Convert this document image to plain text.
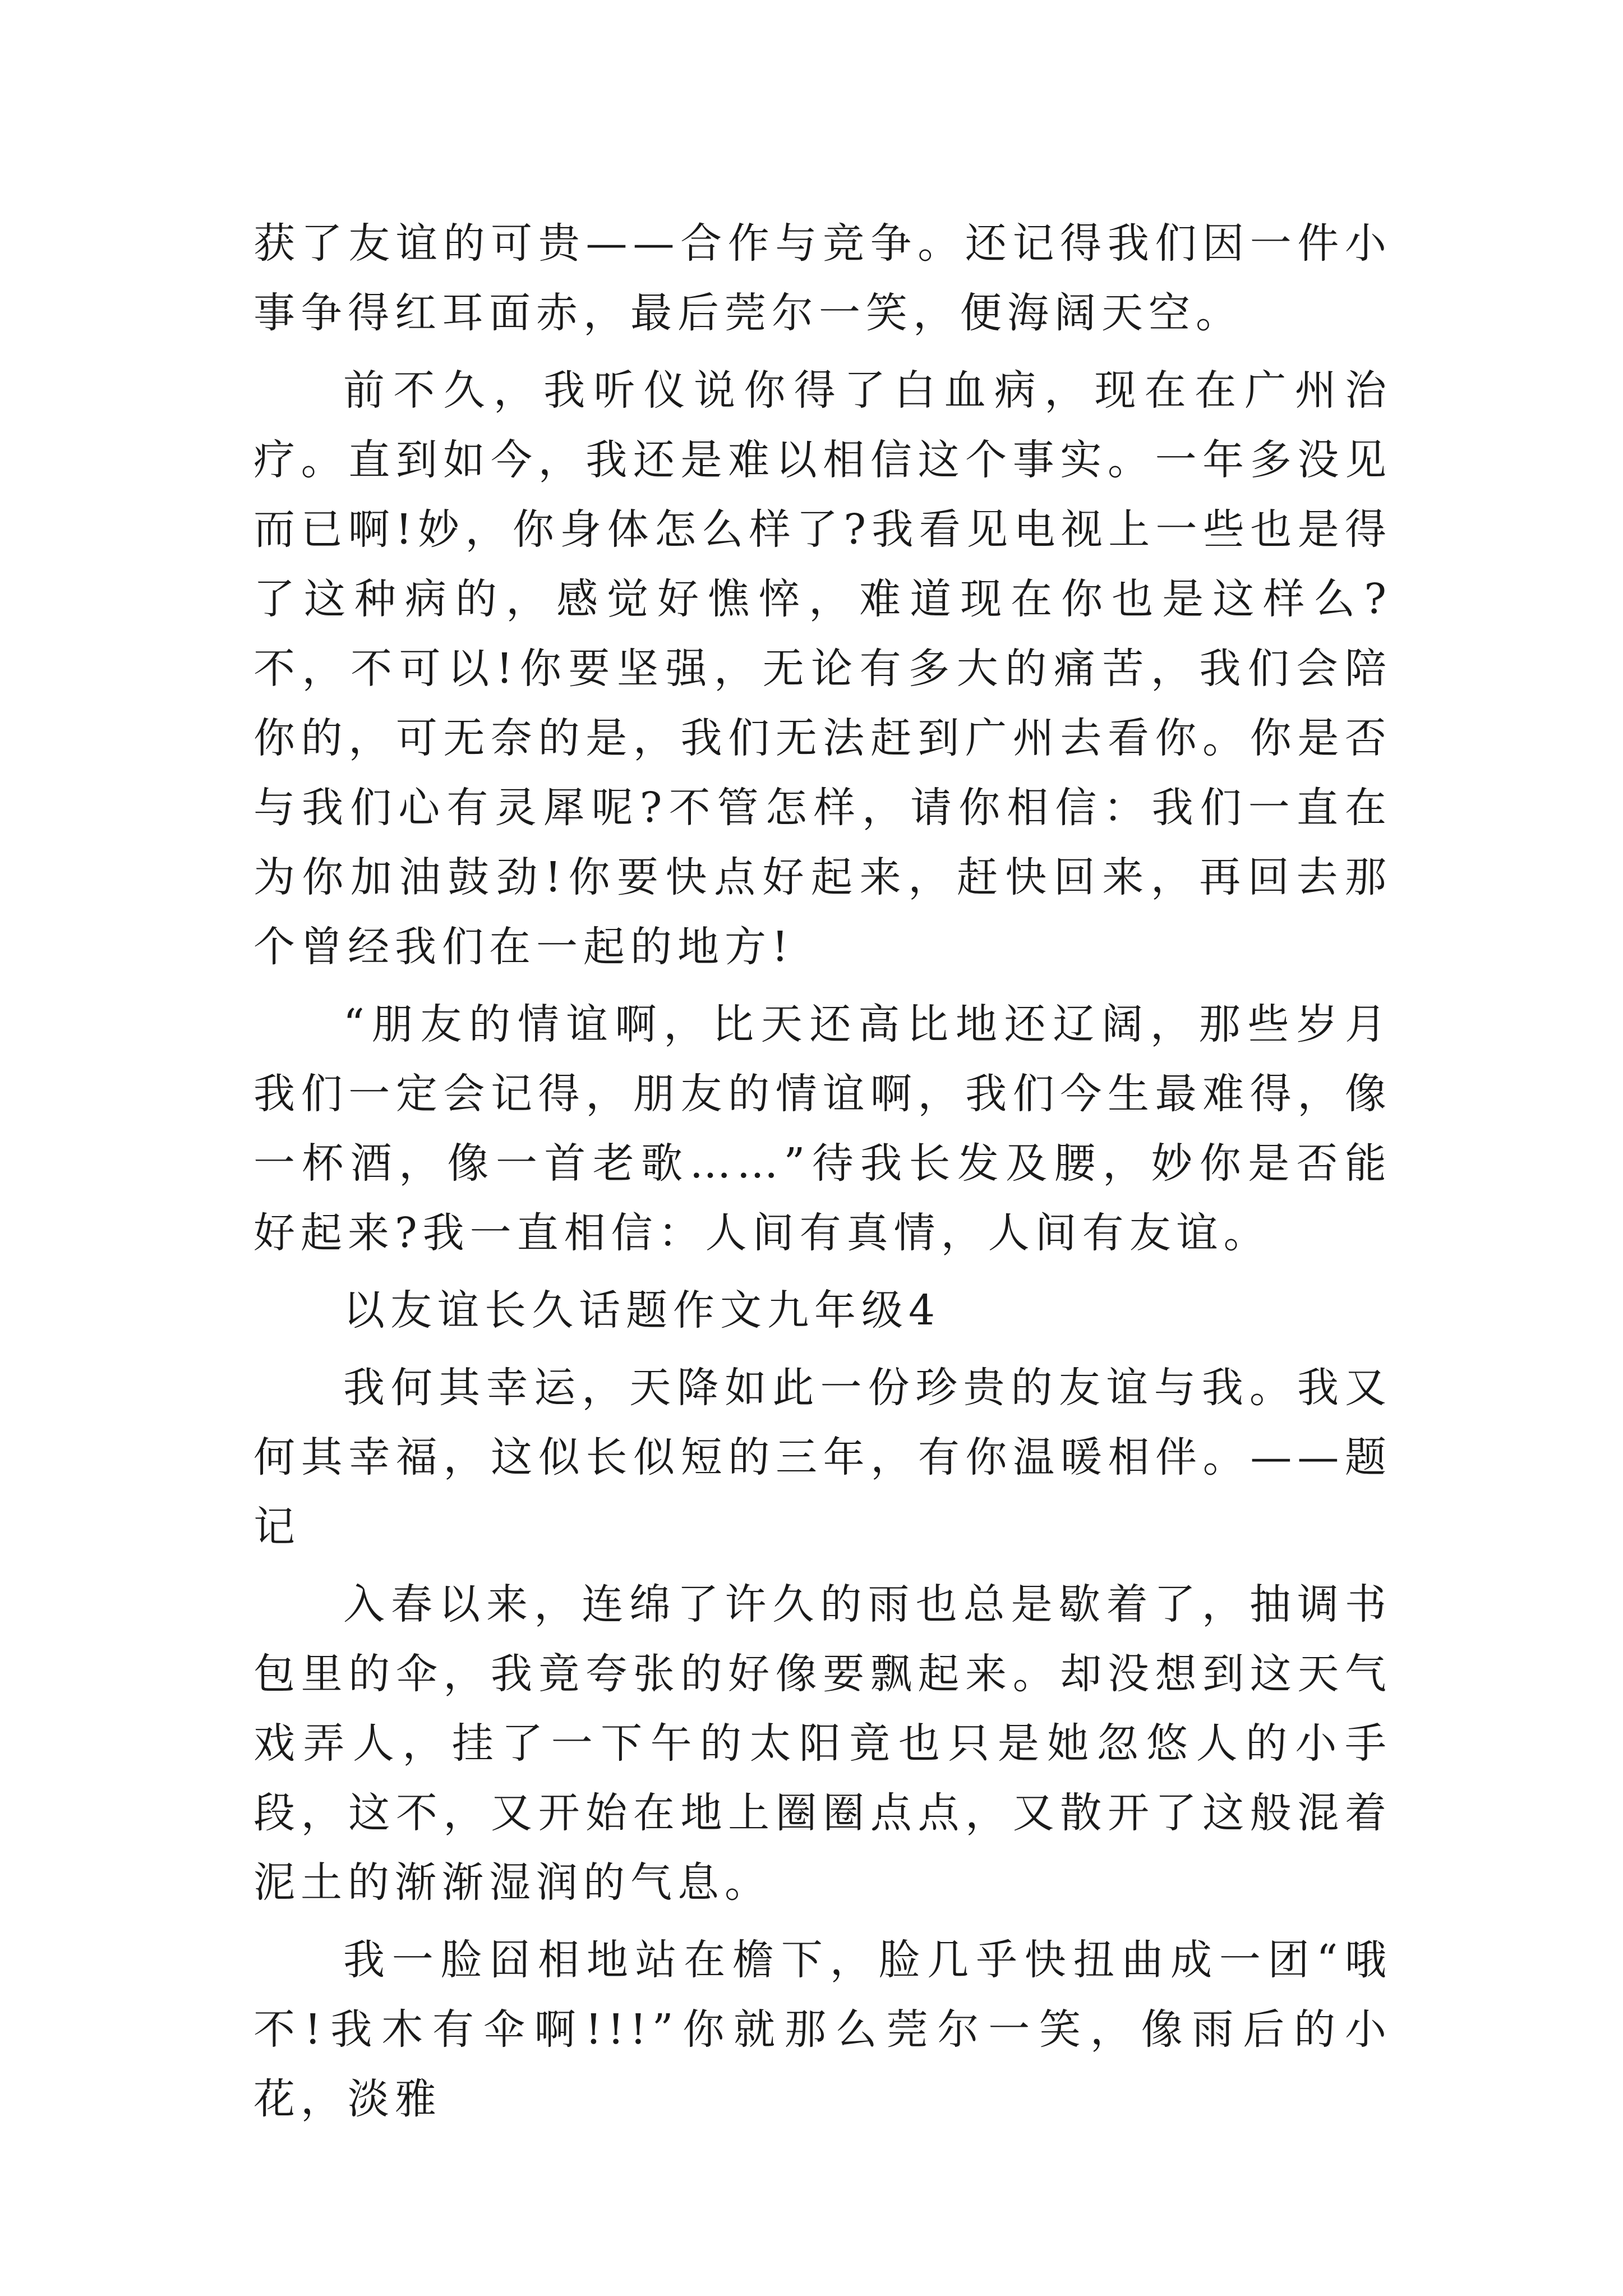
获了友谊的可贵——合作与竞争。还记得我们因一件小事争得红耳面赤，最后莞尔一笑，便海阔天空。

前不久，我听仪说你得了白血病，现在在广州治疗。直到如今，我还是难以相信这个事实。一年多没见而已啊!妙，你身体怎么样了?我看见电视上一些也是得了这种病的，感觉好憔悴，难道现在你也是这样么?不，不可以!你要坚强，无论有多大的痛苦，我们会陪你的，可无奈的是，我们无法赶到广州去看你。你是否与我们心有灵犀呢?不管怎样，请你相信：我们一直在为你加油鼓劲!你要快点好起来，赶快回来，再回去那个曾经我们在一起的地方!

“朋友的情谊啊，比天还高比地还辽阔，那些岁月我们一定会记得，朋友的情谊啊，我们今生最难得，像一杯酒，像一首老歌……”待我长发及腰，妙你是否能好起来?我一直相信：人间有真情，人间有友谊。

以友谊长久话题作文九年级4

我何其幸运，天降如此一份珍贵的友谊与我。我又何其幸福，这似长似短的三年，有你温暖相伴。——题记

入春以来，连绵了许久的雨也总是歇着了，抽调书包里的伞，我竟夸张的好像要飘起来。却没想到这天气戏弄人，挂了一下午的太阳竟也只是她忽悠人的小手段，这不，又开始在地上圈圈点点，又散开了这般混着泥土的渐渐湿润的气息。

我一脸囧相地站在檐下，脸几乎快扭曲成一团“哦不!我木有伞啊!!!”你就那么莞尔一笑，像雨后的小花，淡雅
